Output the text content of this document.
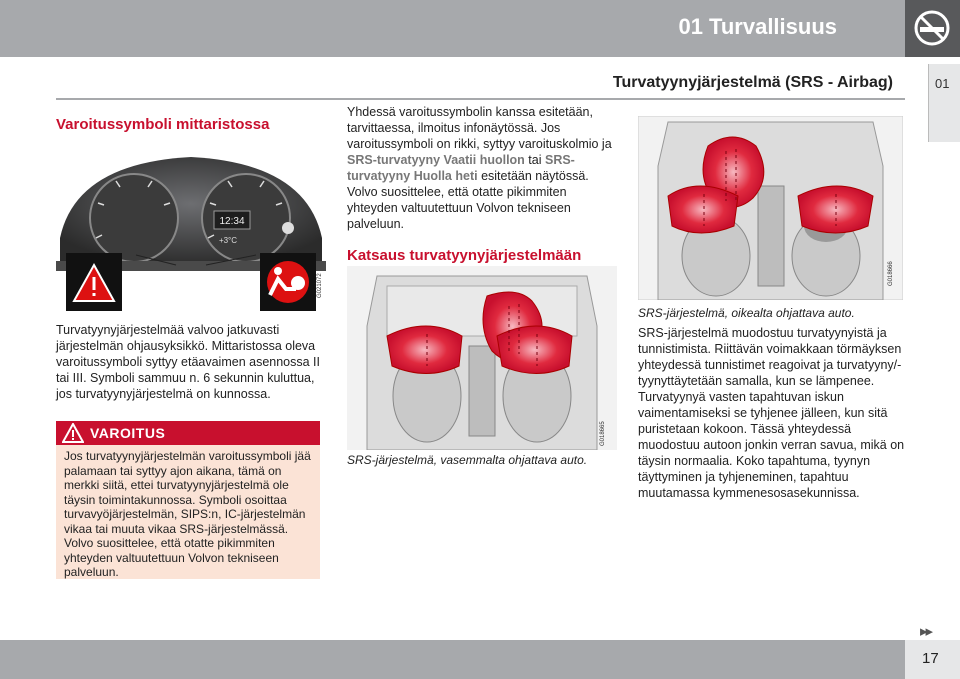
01 Turvallisuus
Turvatyynyjärjestelmä (SRS - Airbag)	01
Varoitussymboli mittaristossa
12:34
+3°C
G021072
Turvatyynyjärjestelmää valvoo jatkuvasti järjestelmän ohjausyksikkö. Mittaristossa oleva varoitussymboli syttyy etäavaimen asennossa II tai III. Symboli sammuu n. 6 sekunnin kuluttua, jos turvatyynyjärjestelmä on kunnossa.
VAROITUS
Jos turvatyynyjärjestelmän varoitussymboli jää palamaan tai syttyy ajon aikana, tämä on merkki siitä, ettei turvatyynyjärjestelmä ole täysin toimintakunnossa. Symboli osoittaa turvavyöjärjestelmän, SIPS:n, IC-järjestelmän vikaa tai muuta vikaa SRS-järjestelmässä. Volvo suosittelee, että otatte pikimmiten yhteyden valtuutettuun Volvon tekniseen palveluun.
Yhdessä varoitussymbolin kanssa esitetään, tarvittaessa, ilmoitus infonäytössä. Jos varoitussymboli on rikki, syttyy varoituskolmio ja SRS-turvatyyny Vaatii huollon tai SRS-turvatyyny Huolla heti esitetään näytössä. Volvo suosittelee, että otatte pikimmiten yhteyden valtuutettuun Volvon tekniseen palveluun.
Katsaus turvatyynyjärjestelmään
G018665
SRS-järjestelmä, vasemmalta ohjattava auto.
G018666
SRS-järjestelmä, oikealta ohjattava auto.
SRS-järjestelmä muodostuu turvatyynyistä ja tunnistimista. Riittävän voimakkaan törmäyksen yhteydessä tunnistimet reagoivat ja turvatyyny/-tyynyttäytetään samalla, kun se lämpenee. Turvatyynyä vasten tapahtuvan iskun vaimentamiseksi se tyhjenee jälleen, kun sitä puristetaan kokoon. Tässä yhteydessä muodostuu autoon jonkin verran savua, mikä on täysin normaalia. Koko tapahtuma, tyynyn täyttyminen ja tyhjeneminen, tapahtuu muutamassa kymmenesosasekunnissa.
▸▸
17
